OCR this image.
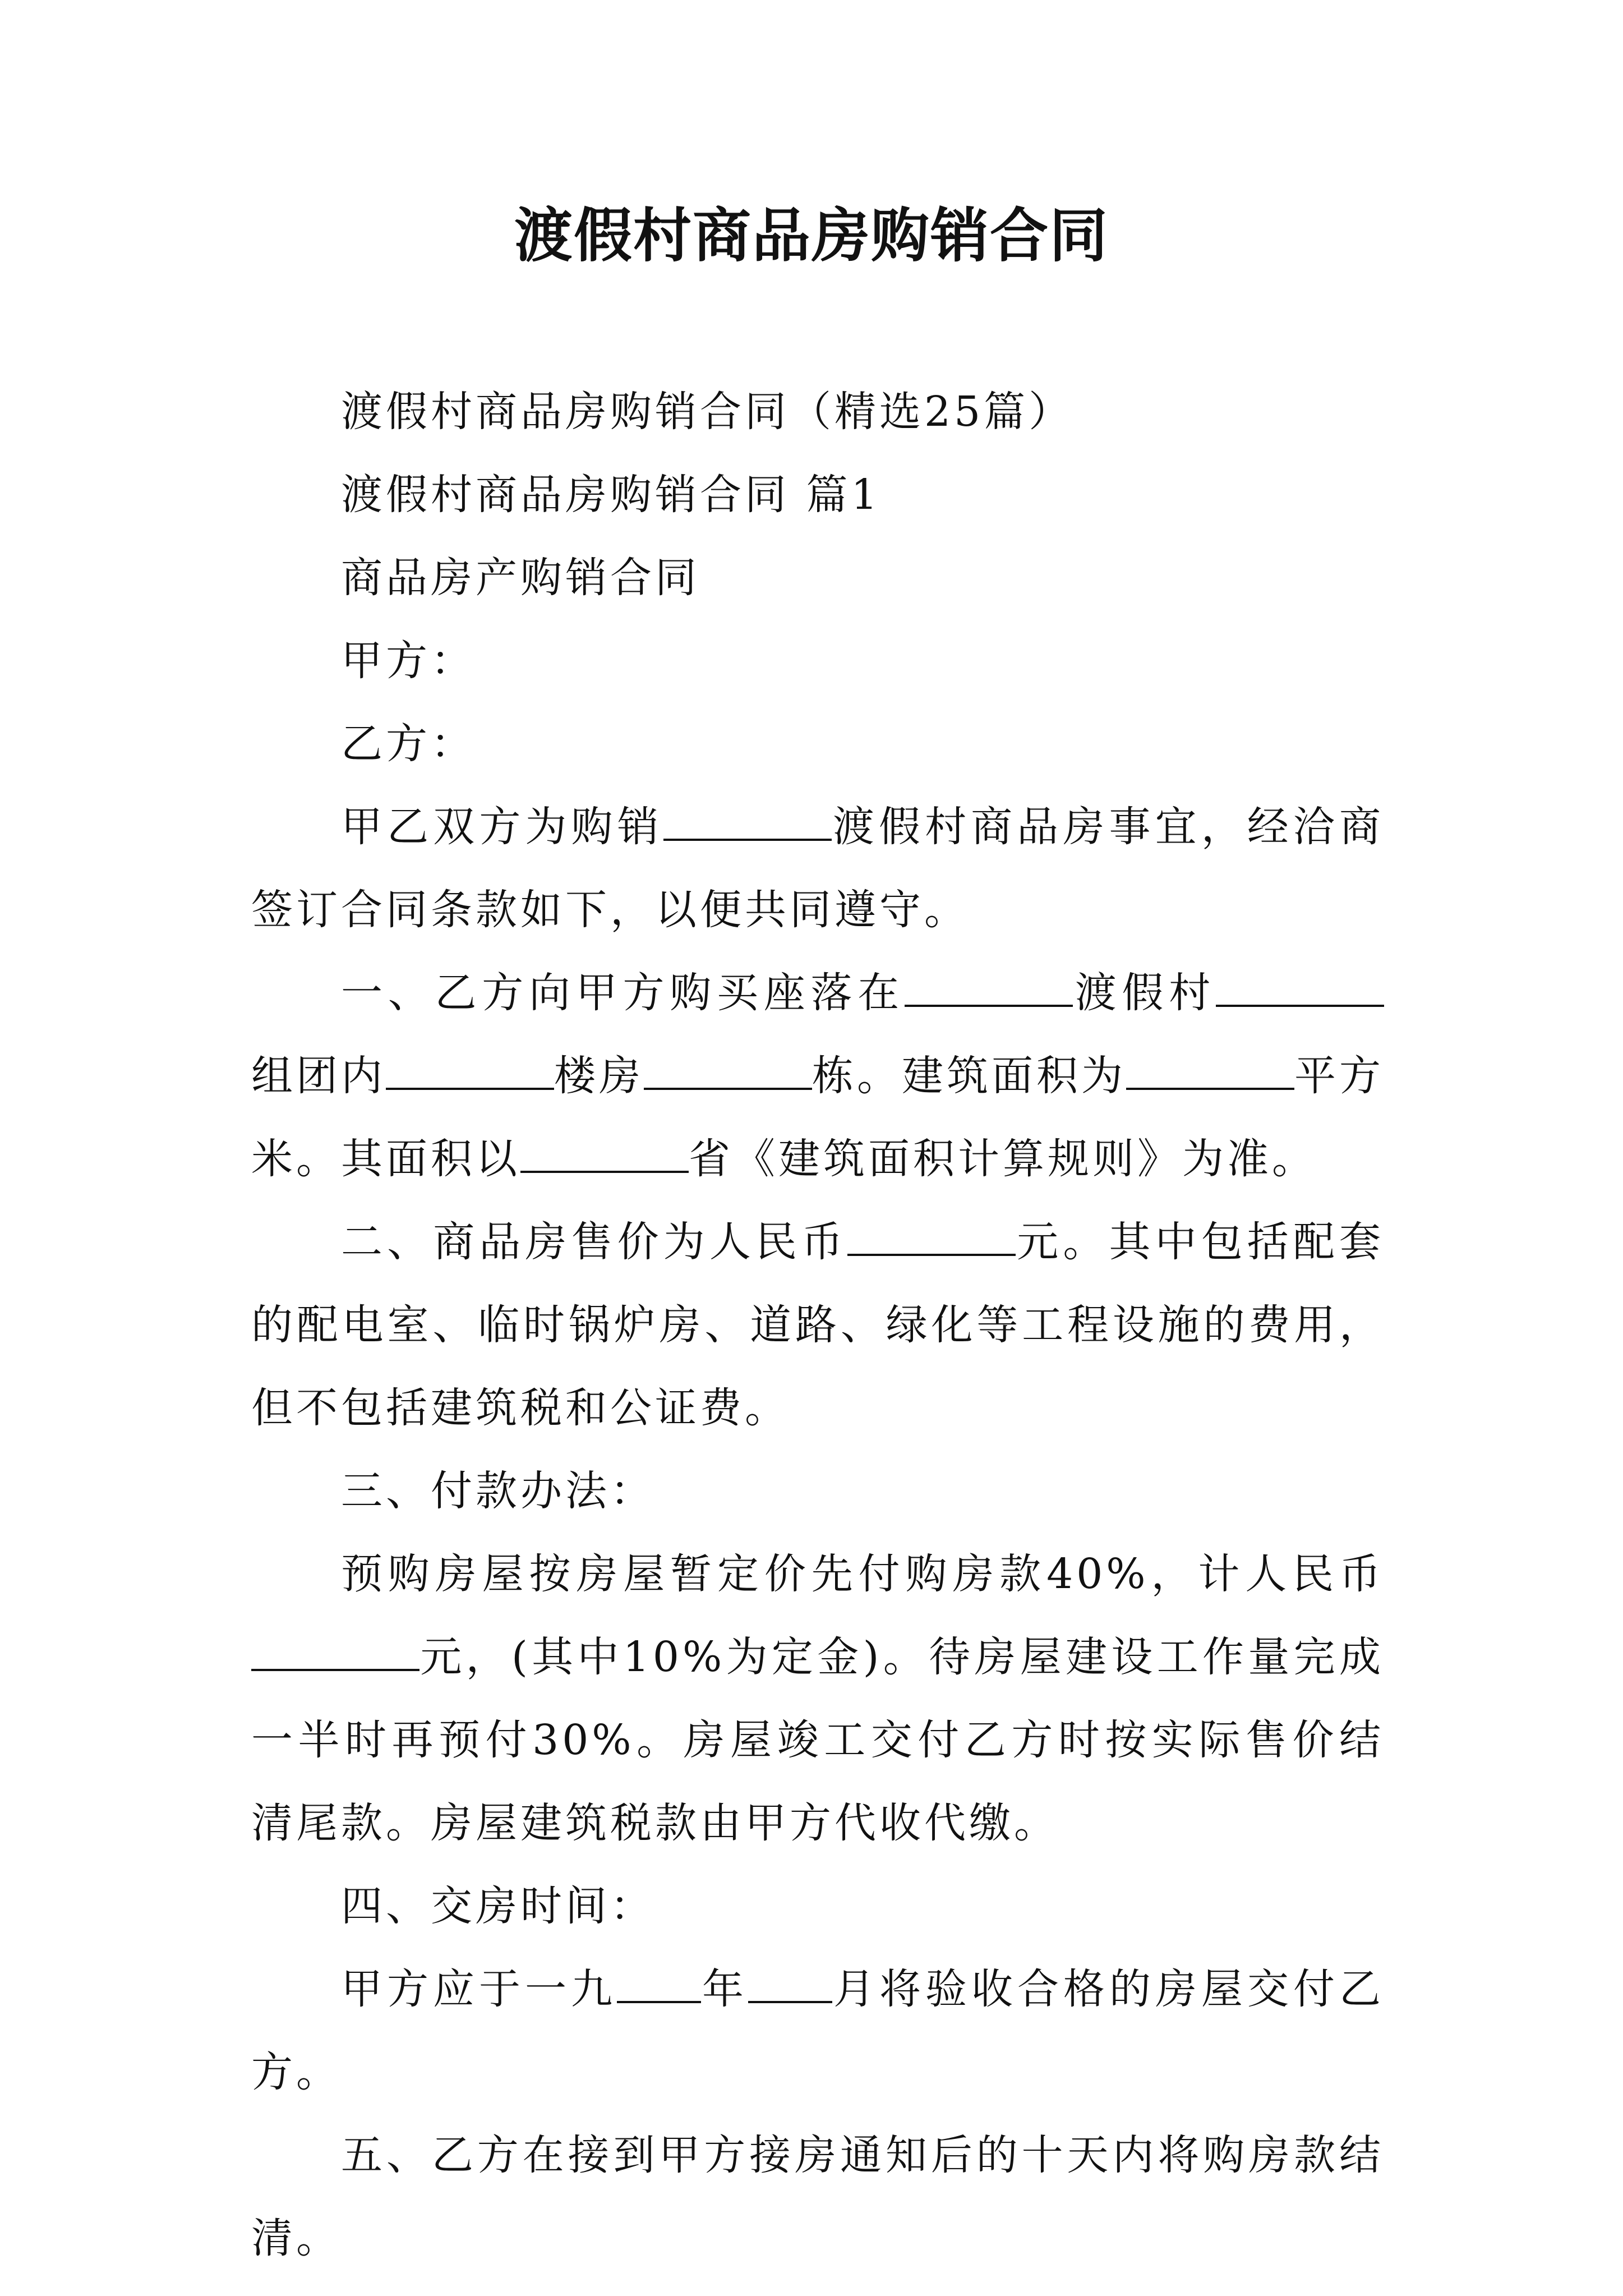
渡假村商品房购销合同

渡假村商品房购销合同（精选25篇）

渡假村商品房购销合同 篇1

商品房产购销合同

甲方：

乙方：

甲乙双方为购销	渡假村商品房事宜，经洽商签订合同条款如下，以便共同遵守。

一、乙方向甲方购买座落在	渡假村组团内	楼房	栋。建筑面积为	平方米。其面积以	省《建筑面积计算规则》为准。

二、商品房售价为人民币	元。其中包括配套的配电室、临时锅炉房、道路、绿化等工程设施的费用，但不包括建筑税和公证费。

三、付款办法：

预购房屋按房屋暂定价先付购房款40%，计人民币元，(其中10%为定金)。待房屋建设工作量完成一半时再预付30%。房屋竣工交付乙方时按实际售价结清尾款。房屋建筑税款由甲方代收代缴。

四、交房时间：

甲方应于一九 年 月将验收合格的房屋交付乙方。

五、乙方在接到甲方接房通知后的十天内将购房款结清。
